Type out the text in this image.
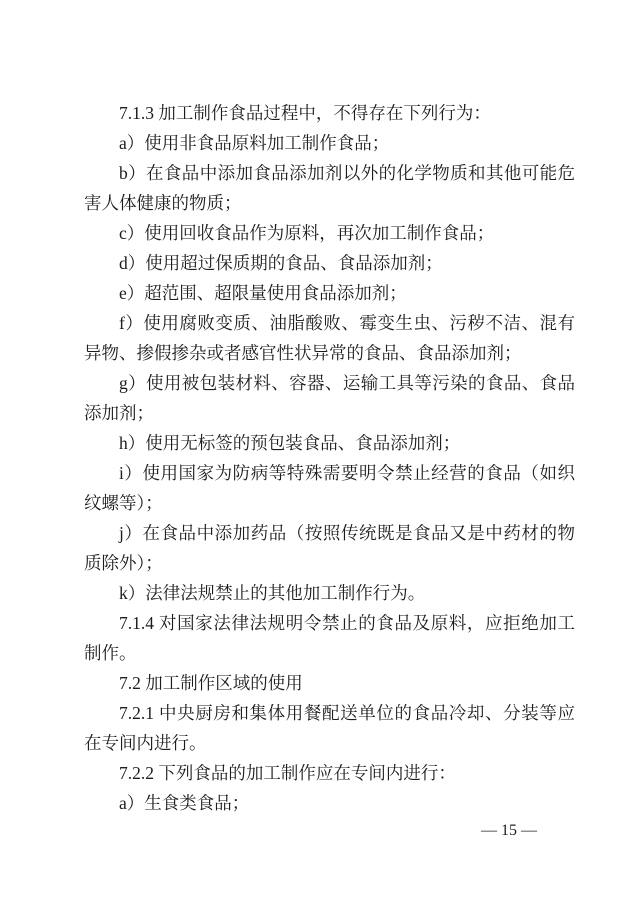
7.1.3 加工制作食品过程中，不得存在下列行为：

a）使用非食品原料加工制作食品；

b）在食品中添加食品添加剂以外的化学物质和其他可能危害人体健康的物质；

c）使用回收食品作为原料，再次加工制作食品；

d）使用超过保质期的食品、食品添加剂；

e）超范围、超限量使用食品添加剂；

f）使用腐败变质、油脂酸败、霉变生虫、污秽不洁、混有异物、掺假掺杂或者感官性状异常的食品、食品添加剂；

g）使用被包装材料、容器、运输工具等污染的食品、食品添加剂；

h）使用无标签的预包装食品、食品添加剂；

i）使用国家为防病等特殊需要明令禁止经营的食品（如织纹螺等）；

j）在食品中添加药品（按照传统既是食品又是中药材的物质除外）；

k）法律法规禁止的其他加工制作行为。

7.1.4 对国家法律法规明令禁止的食品及原料，应拒绝加工制作。

7.2 加工制作区域的使用

7.2.1 中央厨房和集体用餐配送单位的食品冷却、分装等应在专间内进行。

7.2.2 下列食品的加工制作应在专间内进行：

a）生食类食品；

— 15 —
